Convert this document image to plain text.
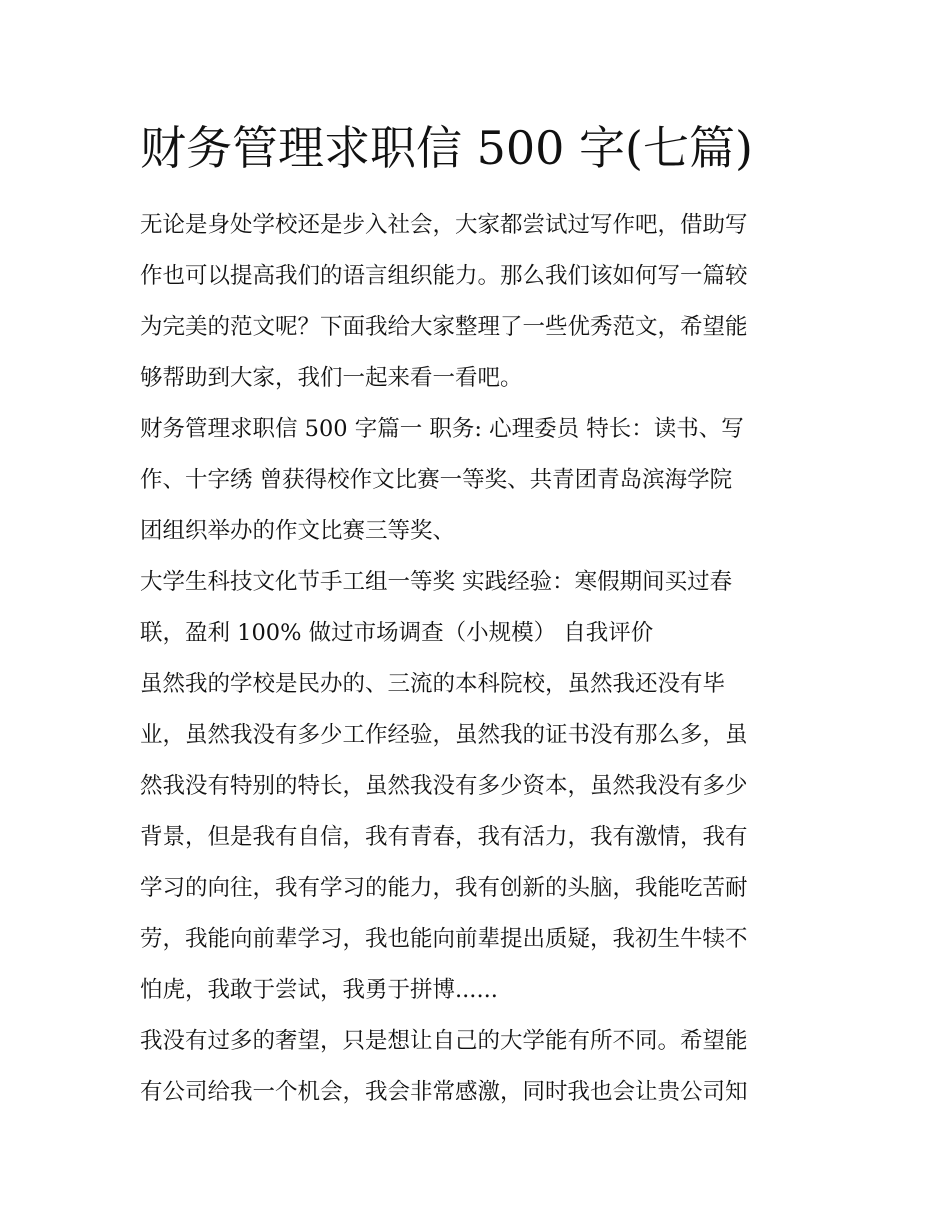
财务管理求职信 500 字(七篇)

无论是身处学校还是步入社会，大家都尝试过写作吧，借助写
作也可以提高我们的语言组织能力。那么我们该如何写一篇较
为完美的范文呢？下面我给大家整理了一些优秀范文，希望能
够帮助到大家，我们一起来看一看吧。

财务管理求职信 500 字篇一 职务: 心理委员 特长：读书、写
作、十字绣 曾获得校作文比赛一等奖、共青团青岛滨海学院
团组织举办的作文比赛三等奖、

大学生科技文化节手工组一等奖 实践经验：寒假期间买过春
联，盈利 100% 做过市场调查（小规模） 自我评价

虽然我的学校是民办的、三流的本科院校，虽然我还没有毕
业，虽然我没有多少工作经验，虽然我的证书没有那么多，虽
然我没有特别的特长，虽然我没有多少资本，虽然我没有多少
背景，但是我有自信，我有青春，我有活力，我有激情，我有
学习的向往，我有学习的能力，我有创新的头脑，我能吃苦耐
劳，我能向前辈学习，我也能向前辈提出质疑，我初生牛犊不
怕虎，我敢于尝试，我勇于拼博......

我没有过多的奢望，只是想让自己的大学能有所不同。希望能
有公司给我一个机会，我会非常感激，同时我也会让贵公司知
